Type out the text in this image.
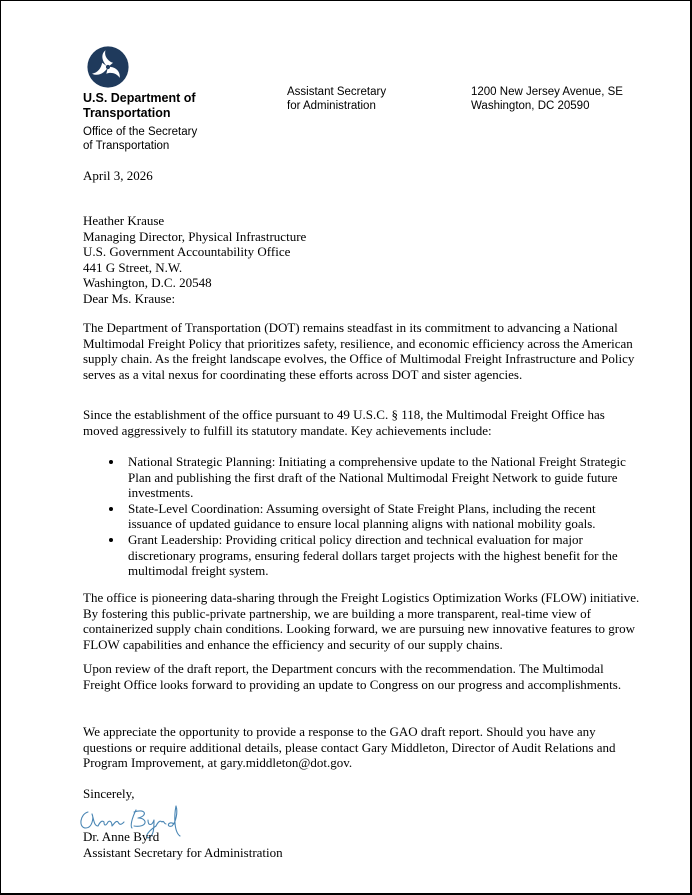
U.S. Department of
Transportation
Office of the Secretary
of Transportation
Assistant Secretary
for Administration
1200 New Jersey Avenue, SE
Washington, DC 20590
April 3, 2026
Heather Krause
Managing Director, Physical Infrastructure
U.S. Government Accountability Office
441 G Street, N.W.
Washington, D.C. 20548
Dear Ms. Krause:

The Department of Transportation (DOT) remains steadfast in its commitment to advancing a National Multimodal Freight Policy that prioritizes safety, resilience, and economic efficiency across the American supply chain. As the freight landscape evolves, the Office of Multimodal Freight Infrastructure and Policy serves as a vital nexus for coordinating these efforts across DOT and sister agencies.

Since the establishment of the office pursuant to 49 U.S.C. § 118, the Multimodal Freight Office has moved aggressively to fulfill its statutory mandate. Key achievements include:

• National Strategic Planning: Initiating a comprehensive update to the National Freight Strategic Plan and publishing the first draft of the National Multimodal Freight Network to guide future investments.
• State-Level Coordination: Assuming oversight of State Freight Plans, including the recent issuance of updated guidance to ensure local planning aligns with national mobility goals.
• Grant Leadership: Providing critical policy direction and technical evaluation for major discretionary programs, ensuring federal dollars target projects with the highest benefit for the multimodal freight system.

The office is pioneering data-sharing through the Freight Logistics Optimization Works (FLOW) initiative. By fostering this public-private partnership, we are building a more transparent, real-time view of containerized supply chain conditions. Looking forward, we are pursuing new innovative features to grow FLOW capabilities and enhance the efficiency and security of our supply chains.

Upon review of the draft report, the Department concurs with the recommendation. The Multimodal Freight Office looks forward to providing an update to Congress on our progress and accomplishments.

We appreciate the opportunity to provide a response to the GAO draft report. Should you have any questions or require additional details, please contact Gary Middleton, Director of Audit Relations and Program Improvement, at gary.middleton@dot.gov.

Sincerely,
Dr. Anne Byrd
Assistant Secretary for Administration
